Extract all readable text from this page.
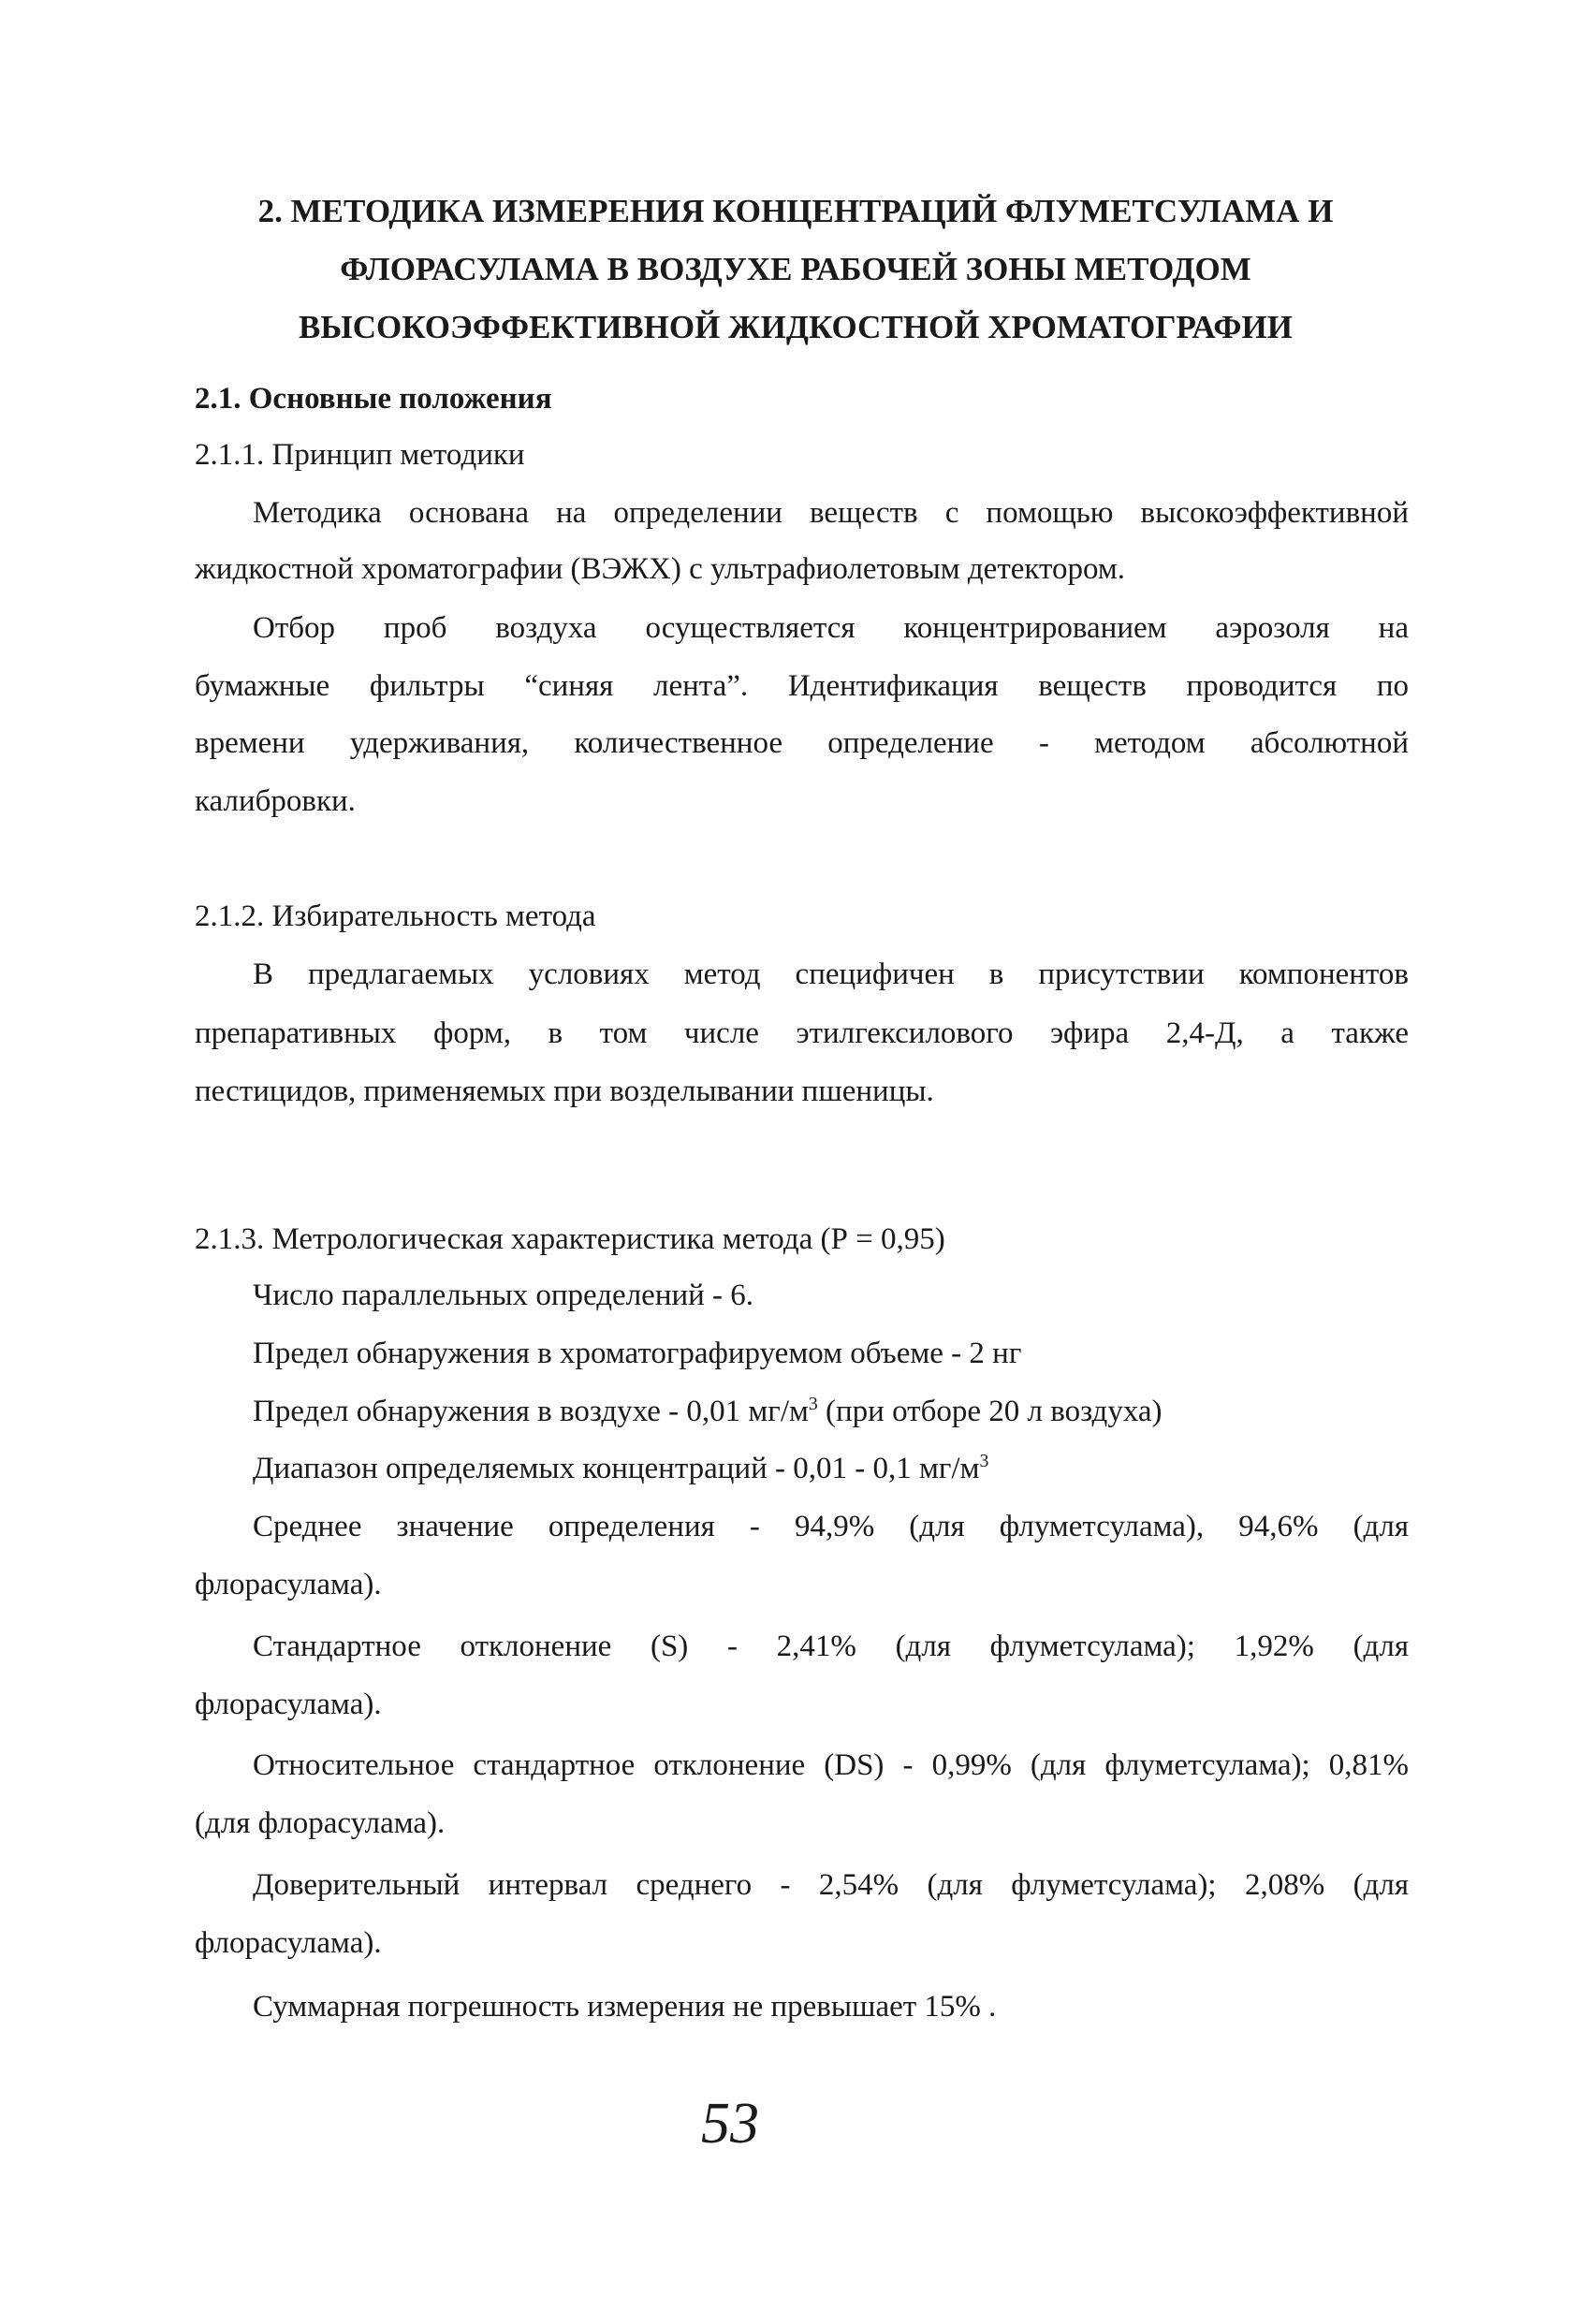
2. МЕТОДИКА ИЗМЕРЕНИЯ КОНЦЕНТРАЦИЙ ФЛУМЕТСУЛАМА И

ФЛОРАСУЛАМА В ВОЗДУХЕ РАБОЧЕЙ ЗОНЫ МЕТОДОМ

ВЫСОКОЭФФЕКТИВНОЙ ЖИДКОСТНОЙ ХРОМАТОГРАФИИ

2.1. Основные положения

2.1.1. Принцип методики

Методика основана на определении веществ с помощью высокоэффективной

жидкостной хроматографии (ВЭЖХ) с ультрафиолетовым детектором.

Отбор проб воздуха осуществляется концентрированием аэрозоля на

бумажные фильтры “синяя лента”. Идентификация веществ проводится по

времени удерживания, количественное определение - методом абсолютной

калибровки.

2.1.2. Избирательность метода

В предлагаемых условиях метод специфичен в присутствии компонентов

препаративных форм, в том числе этилгексилового эфира 2,4-Д, а также

пестицидов, применяемых при возделывании пшеницы.

2.1.3. Метрологическая характеристика метода (Р = 0,95)

Число параллельных определений - 6.

Предел обнаружения в хроматографируемом объеме - 2 нг

Предел обнаружения в воздухе - 0,01 $мг/м^3$ (при отборе 20 л воздуха)

Диапазон определяемых концентраций - 0,01 - 0,1 $мг/м^3$

Среднее значение определения - 94,9% (для флуметсулама), 94,6% (для

флорасулама).

Стандартное отклонение (S) - 2,41% (для флуметсулама); 1,92% (для

флорасулама).

Относительное стандартное отклонение (DS) - 0,99% (для флуметсулама); 0,81%

(для флорасулама).

Доверительный интервал среднего - 2,54% (для флуметсулама); 2,08% (для

флорасулама).

Суммарная погрешность измерения не превышает 15% .

53
